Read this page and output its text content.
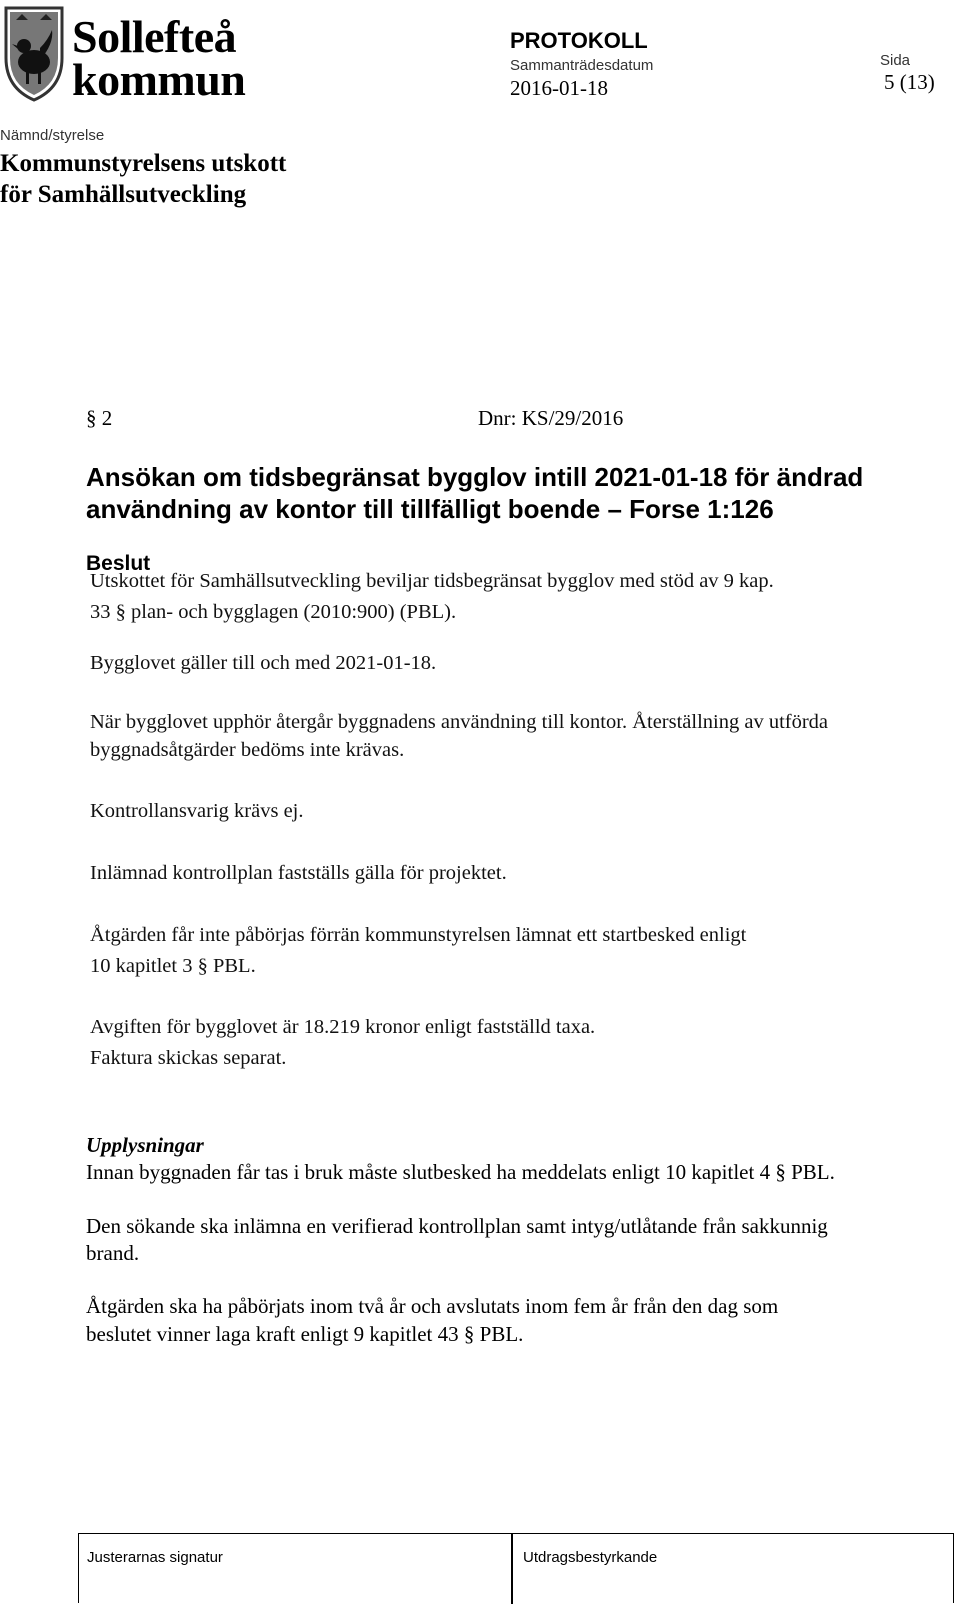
Sollefteå
kommun
PROTOKOLL
Sammanträdesdatum
2016-01-18
Sida
5 (13)
Nämnd/styrelse
Kommunstyrelsens utskott
för Samhällsutveckling
§ 2	Dnr: KS/29/2016
Ansökan om tidsbegränsat bygglov intill 2021-01-18 för ändrad
användning av kontor till tillfälligt boende – Forse 1:126
Beslut
Utskottet för Samhällsutveckling beviljar tidsbegränsat bygglov med stöd av 9 kap.
33 § plan- och bygglagen (2010:900) (PBL).
Bygglovet gäller till och med 2021-01-18.
När bygglovet upphör återgår byggnadens användning till kontor. Återställning av utförda
byggnadsåtgärder bedöms inte krävas.
Kontrollansvarig krävs ej.
Inlämnad kontrollplan fastställs gälla för projektet.
Åtgärden får inte påbörjas förrän kommunstyrelsen lämnat ett startbesked enligt
10 kapitlet 3 § PBL.
Avgiften för bygglovet är 18.219 kronor enligt fastställd taxa.
Faktura skickas separat.
Upplysningar
Innan byggnaden får tas i bruk måste slutbesked ha meddelats enligt 10 kapitlet 4 § PBL.
Den sökande ska inlämna en verifierad kontrollplan samt intyg/utlåtande från sakkunnig
brand.
Åtgärden ska ha påbörjats inom två år och avslutats inom fem år från den dag som
beslutet vinner laga kraft enligt 9 kapitlet 43 § PBL.
Justerarnas signatur	Utdragsbestyrkande
